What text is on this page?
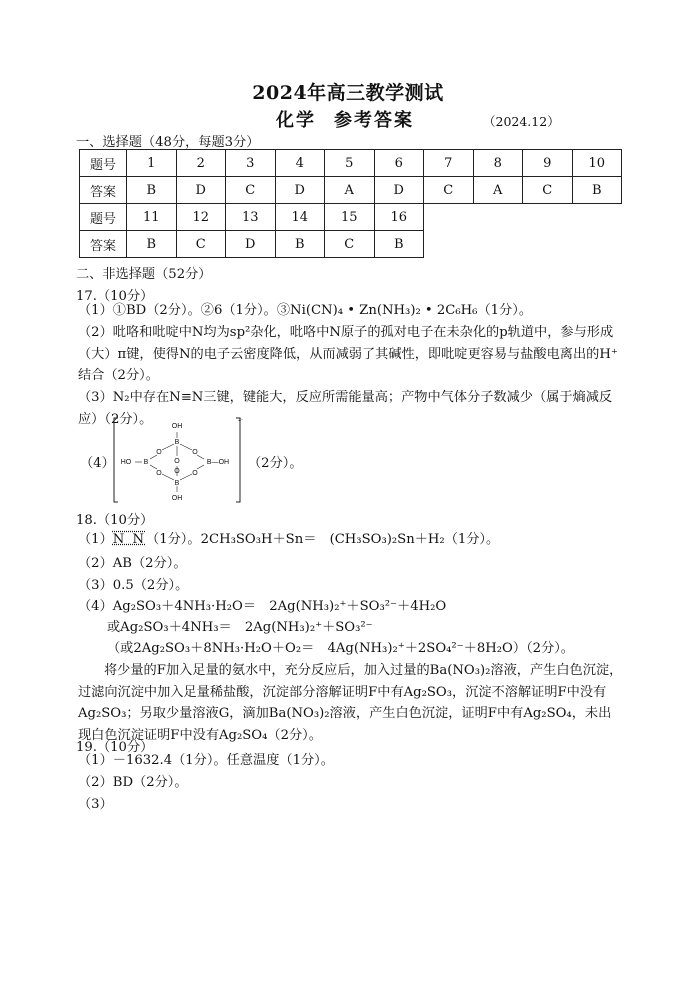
2024年高三教学测试
化学 参考答案	（2024.12）
一、选择题（48分，每题3分）
题号	1	2	3	4	5	6	7	8	9	10
答案	B	D	C	D	A	D	C	A	C	B
题号	11	12	13	14	15	16				
答案	B	C	D	B	C	B				
二、非选择题（52分）
17.（10分）
（1）①BD（2分）。②6（1分）。③Ni(CN)₄ • Zn(NH₃)₂ • 2C₆H₆（1分）。
（2）吡咯和吡啶中N均为sp²杂化，吡咯中N原子的孤对电子在未杂化的p轨道中，参与形成（大）π键，使得N的电子云密度降低，从而减弱了其碱性，即吡啶更容易与盐酸电离出的H⁺结合（2分）。
（3）N₂中存在N≡N三键，键能大，反应所需能量高；产物中气体分子数减少（属于熵减反应）（2分）。
（4）
2-
OH
B
O	O
O
HO B	B—OH
O	O
O
B
OH
（2分）。
18.（10分）
（1）N N（1分）。2CH₃SO₃H＋Sn＝　(CH₃SO₃)₂Sn＋H₂（1分）。
（2）AB（2分）。
（3）0.5（2分）。
（4）Ag₂SO₃＋4NH₃·H₂O＝　2Ag(NH₃)₂⁺＋SO₃²⁻＋4H₂O
或Ag₂SO₃＋4NH₃＝　2Ag(NH₃)₂⁺＋SO₃²⁻
（或2Ag₂SO₃＋8NH₃·H₂O＋O₂＝　4Ag(NH₃)₂⁺＋2SO₄²⁻＋8H₂O）（2分）。
将少量的F加入足量的氨水中，充分反应后，加入过量的Ba(NO₃)₂溶液，产生白色沉淀，过滤向沉淀中加入足量稀盐酸，沉淀部分溶解证明F中有Ag₂SO₃，沉淀不溶解证明F中没有Ag₂SO₃；另取少量溶液G，滴加Ba(NO₃)₂溶液，产生白色沉淀，证明F中有Ag₂SO₄，未出现白色沉淀证明F中没有Ag₂SO₄（2分）。
19.（10分）
（1）－1632.4（1分）。任意温度（1分）。
（2）BD（2分）。
（3）
